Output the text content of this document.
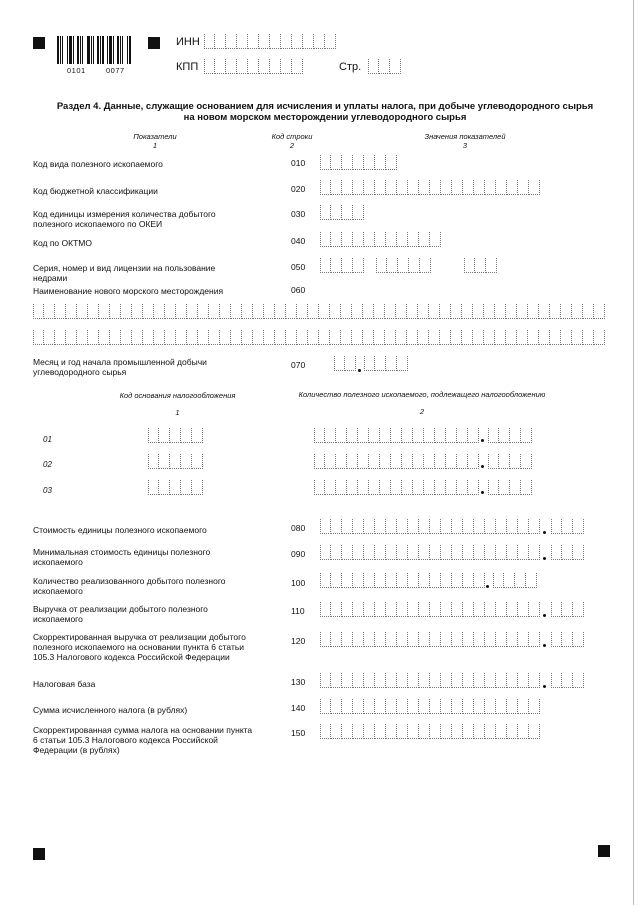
0101	0077
ИНН
КПП	Стр.
Раздел 4. Данные, служащие основанием для исчисления и уплаты налога, при добыче углеводородного сырья
на новом морском месторождении углеводородного сырья
Показатели
1
Код строки
2
Значения показателей
3
Код вида полезного ископаемого	010
Код бюджетной классификации	020
Код единицы измерения количества добытого полезного ископаемого по ОКЕИ
030
Код по ОКТМО	040
Серия, номер и вид лицензии на пользование недрами
050
Наименование нового морского месторождения	060
Месяц и год начала промышленной добычи углеводородного сырья
070
Код основания налогообложения
1
Количество полезного ископаемого, подлежащего налогообложению
2
01
02
03
Стоимость единицы полезного ископаемого	080
Минимальная стоимость единицы полезного ископаемого
090
Количество реализованного добытого полезного ископаемого
100
Выручка от реализации добытого полезного ископаемого
110
Скорректированная выручка от реализации добытого полезного ископаемого на основании пункта 6 статьи 105.3 Налогового кодекса Российской Федерации
120
Налоговая база	130
Сумма исчисленного налога (в рублях)	140
Скорректированная сумма налога на основании пункта 6 статьи 105.3 Налогового кодекса Российской Федерации (в рублях)
150
